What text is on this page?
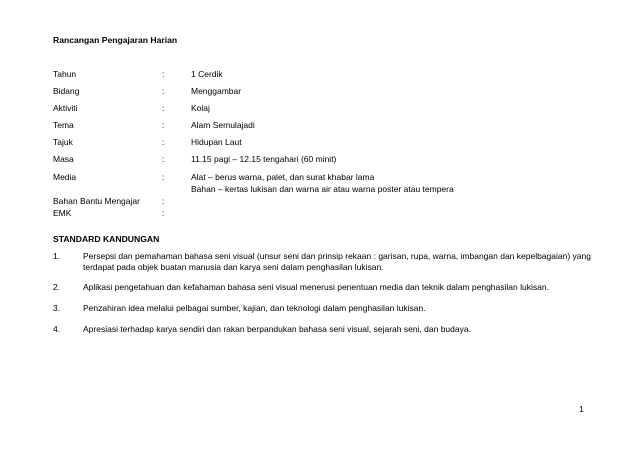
Rancangan Pengajaran Harian
Tahun	:	1 Cerdik
Bidang	:	Menggambar
Aktiviti	:	Kolaj
Tema	:	Alam Semulajadi
Tajuk	:	Hidupan Laut
Masa	:	11.15 pagi – 12.15 tengahari (60 minit)
Media	:	Alat – berus warna, palet, dan surat khabar lama
Bahan – kertas lukisan dan warna air atau warna poster atau tempera
Bahan Bantu Mengajar	:
EMK	:
STANDARD KANDUNGAN
1.	Persepsi dan pemahaman bahasa seni visual (unsur seni dan prinsip rekaan : garisan, rupa, warna, imbangan dan kepelbagaian) yang terdapat pada objek buatan manusia dan karya seni dalam penghasilan lukisan.
2.	Aplikasi pengetahuan dan kefahaman bahasa seni visual menerusi penentuan media dan teknik dalam penghasilan lukisan.
3.	Penzahiran idea melalui pelbagai sumber, kajian, dan teknologi dalam penghasilan lukisan.
4.	Apresiasi terhadap karya sendiri dan rakan berpandukan bahasa seni visual, sejarah seni, dan budaya.
1
